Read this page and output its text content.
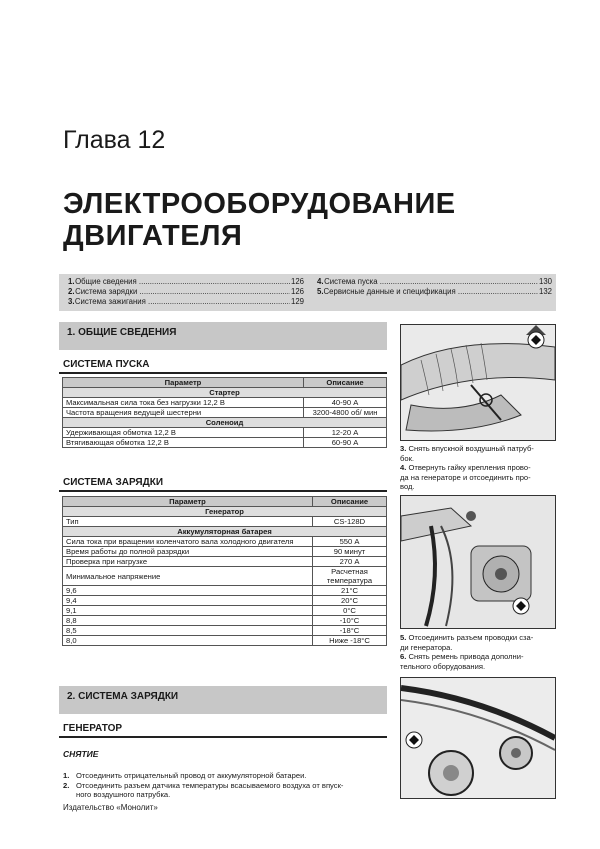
Глава 12
ЭЛЕКТРООБОРУДОВАНИЕ
ДВИГАТЕЛЯ
1. Общие сведения .....	126
2. Система зарядки .....	126
3. Система зажигания .....	129
4. Система пуска .....	130
5. Сервисные данные и спецификация .....	132
1. ОБЩИЕ СВЕДЕНИЯ
СИСТЕМА ПУСКА
Параметр	Описание
Стартер	
Максимальная сила тока без нагрузки 12,2 В	40-90 А
Частота вращения ведущей шестерни	3200-4800 об/ мин
Соленоид	
Удерживающая обмотка 12,2 В	12-20 А
Втягивающая обмотка 12,2 В	60-90 А
СИСТЕМА ЗАРЯДКИ
Параметр	Описание
Генератор	
Тип	CS-128D
Аккумуляторная батарея	
Сила тока при вращении коленчатого вала холодного двигателя	550 А
Время работы до полной разрядки	90 минут
Проверка при нагрузке	270 А
Минимальное напряжение	Расчетная
температура

9,6	21°С
9,4	20°С
9,1	0°С
8,8	-10°С
8,5	-18°С
8,0	Ниже -18°С
2. СИСТЕМА ЗАРЯДКИ
ГЕНЕРАТОР
СНЯТИЕ
1. Отсоединить отрицательный провод от аккумуляторной батареи.
2. Отсоединить разъем датчика температуры всасываемого воздуха от впуск-
ного воздушного патрубка.
Издательство «Монолит»
3. Снять впускной воздушный патруб-
бок.
4. Отвернуть гайку крепления прово-
да на генераторе и отсоединить про-
вод.
5. Отсоединить разъем проводки сза-
ди генератора.
6. Снять ремень привода дополни-
тельного оборудования.
